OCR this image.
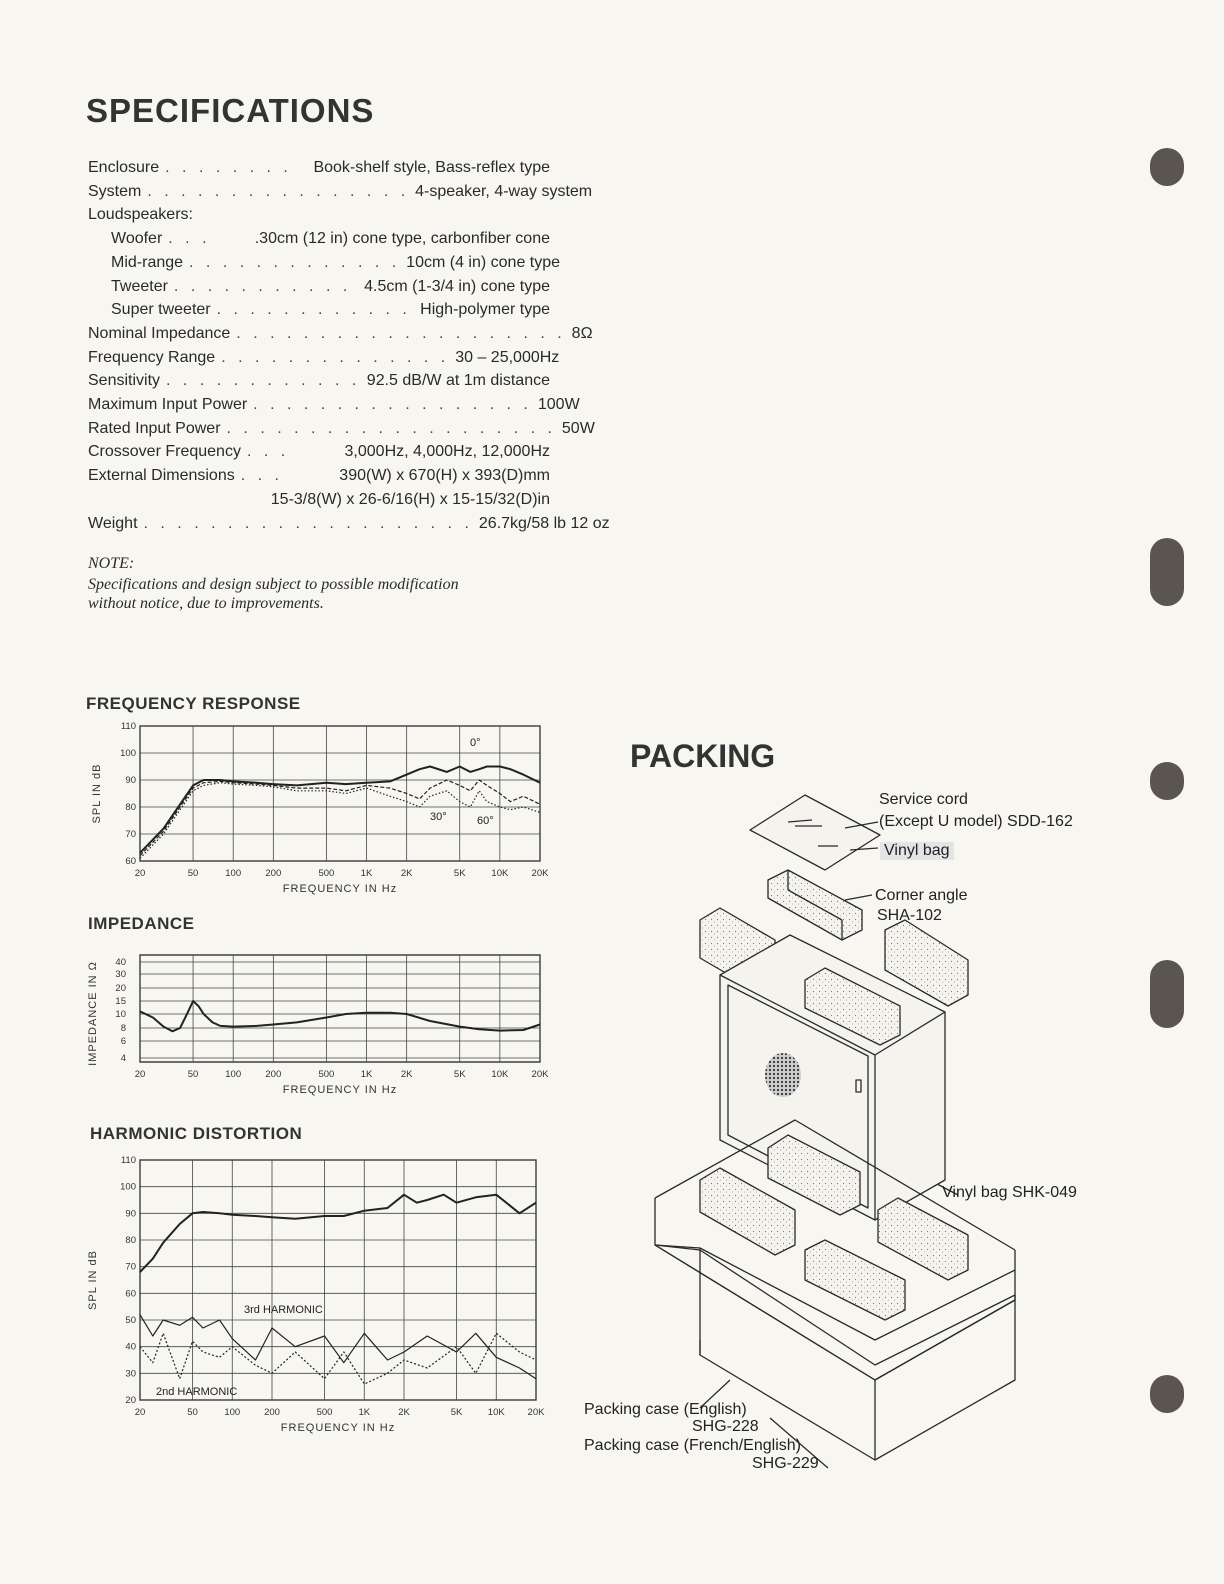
SPECIFICATIONS
Enclosure . . . . . . . .	Book-shelf style, Bass-reflex type
System . . . . . . . . . . . . . . . . 4-speaker, 4-way system
Loudspeakers:
Woofer . . .	.30cm (12 in) cone type, carbonfiber cone
Mid-range . . . . . . . . . . . . . 10cm (4 in) cone type
Tweeter . . . . . . . . . . . 4.5cm (1-3/4 in) cone type
Super tweeter . . . . . . . . . . . . High-polymer type
Nominal Impedance . . . . . . . . . . . . . . . . . . . . 8Ω
Frequency Range . . . . . . . . . . . . . . 30 – 25,000Hz
Sensitivity . . . . . . . . . . . . 92.5 dB/W at 1m distance
Maximum Input Power . . . . . . . . . . . . . . . . . 100W
Rated Input Power . . . . . . . . . . . . . . . . . . . . 50W
Crossover Frequency . . .	3,000Hz, 4,000Hz, 12,000Hz
External Dimensions . . .	390(W) x 670(H) x 393(D)mm
15-3/8(W) x 26-6/16(H) x 15-15/32(D)in
Weight . . . . . . . . . . . . . . . . . . . . 26.7kg/58 lb 12 oz
NOTE:
Specifications and design subject to possible modification
without notice, due to improvements.
FREQUENCY RESPONSE
IMPEDANCE
HARMONIC DISTORTION
20	50	100	200	500	1K	2K	5K	10K 20K
60
70
80
90
100
110
FREQUENCY IN Hz
SPL IN dB
0°
30°	60°
20	50	100	200	500	1K	2K	5K	10K 20K
4
6
8
10
15
20
30
40
FREQUENCY IN Hz
IMPEDANCE IN Ω
20	50	100	200	500	1K	2K	5K	10K 20K
20
30
40
50
60
70
80
90
100
110
FREQUENCY IN Hz
SPL IN dB
3rd HARMONIC
2nd HARMONIC
PACKING
Service cord
(Except U model) SDD-162
Vinyl bag
Corner angle
SHA-102
Vinyl bag SHK-049
Packing case (English)
SHG-228
Packing case (French/English)
SHG-229
